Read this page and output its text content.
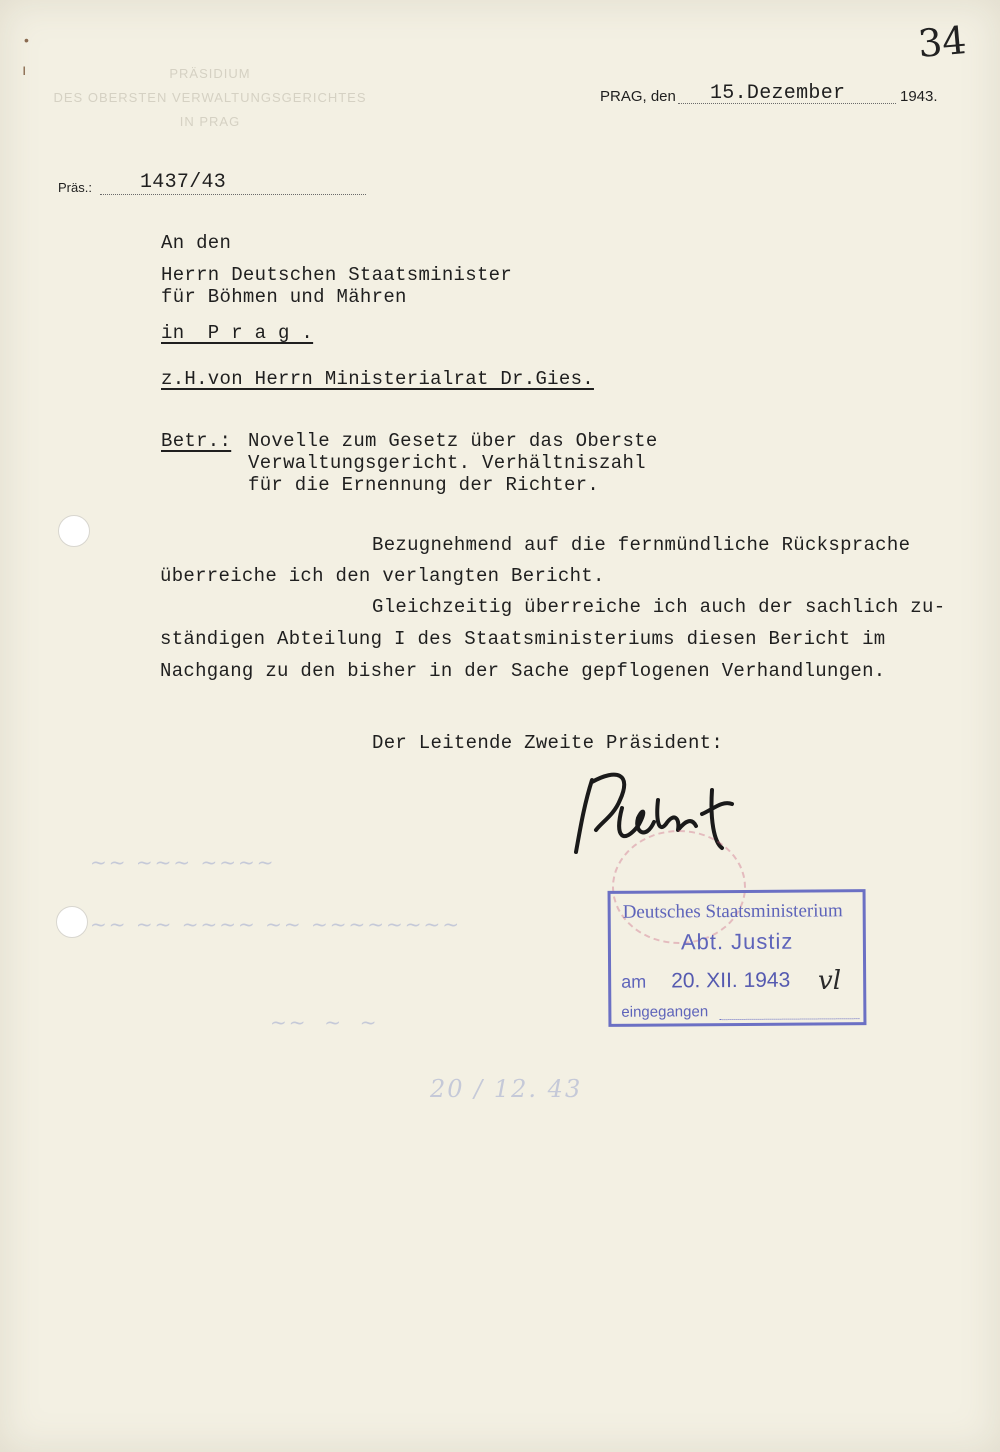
•
ı
34
PRÄSIDIUM
DES OBERSTEN VERWALTUNGSGERICHTES
IN PRAG
PRAG, den 15.Dezember	1943.
Präs.: 1437/43
An den
Herrn Deutschen Staatsminister
für Böhmen und Mähren
in  P r a g .
z.H.von Herrn Ministerialrat Dr.Gies.
Betr.: Novelle zum Gesetz über das Oberste
Verwaltungsgericht. Verhältniszahl
für die Ernennung der Richter.
Bezugnehmend auf die fernmündliche Rücksprache
überreiche ich den verlangten Bericht.
Gleichzeitig überreiche ich auch der sachlich zu-
ständigen Abteilung I des Staatsministeriums diesen Bericht im
Nachgang zu den bisher in der Sache gepflogenen Verhandlungen.
Der Leitende Zweite Präsident:
~~ ~~~ ~~~~
~~ ~~ ~~~~ ~~ ~~~~~~~~
~~  ~  ~
20 / 12. 43
Deutsches Staatsministerium
Abt. Justiz
am 20. XII. 1943
eingegangen
vl
